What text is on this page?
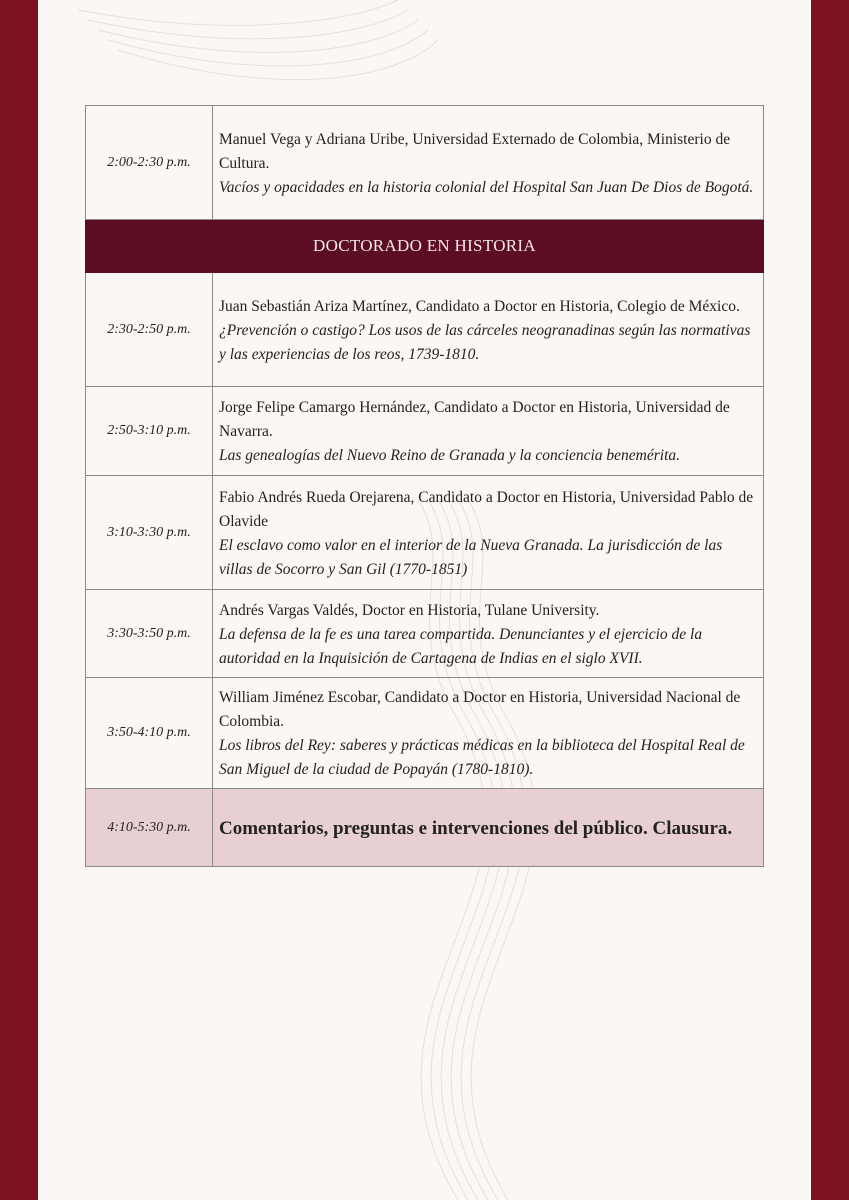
2:00-2:30 p.m.	Manuel Vega y Adriana Uribe, Universidad Externado de Colombia, Ministerio de Cultura.
Vacíos y opacidades en la historia colonial del Hospital San Juan De Dios de Bogotá.

DOCTORADO EN HISTORIA	
2:30-2:50 p.m.	Juan Sebastián Ariza Martínez, Candidato a Doctor en Historia, Colegio de México.
¿Prevención o castigo? Los usos de las cárceles neogranadinas según las normativas y las experiencias de los reos, 1739-1810.

2:50-3:10 p.m.	Jorge Felipe Camargo Hernández, Candidato a Doctor en Historia, Universidad de Navarra.
Las genealogías del Nuevo Reino de Granada y la conciencia benemérita.

3:10-3:30 p.m.	Fabio Andrés Rueda Orejarena, Candidato a Doctor en Historia, Universidad Pablo de Olavide
El esclavo como valor en el interior de la Nueva Granada. La jurisdicción de las villas de Socorro y San Gil (1770-1851)

3:30-3:50 p.m.	Andrés Vargas Valdés, Doctor en Historia, Tulane University.
La defensa de la fe es una tarea compartida. Denunciantes y el ejercicio de la autoridad en la Inquisición de Cartagena de Indias en el siglo XVII.

3:50-4:10 p.m.	William Jiménez Escobar, Candidato a Doctor en Historia, Universidad Nacional de Colombia.
Los libros del Rey: saberes y prácticas médicas en la biblioteca del Hospital Real de San Miguel de la ciudad de Popayán (1780-1810).

4:10-5:30 p.m.	Comentarios, preguntas e intervenciones del público. Clausura.
